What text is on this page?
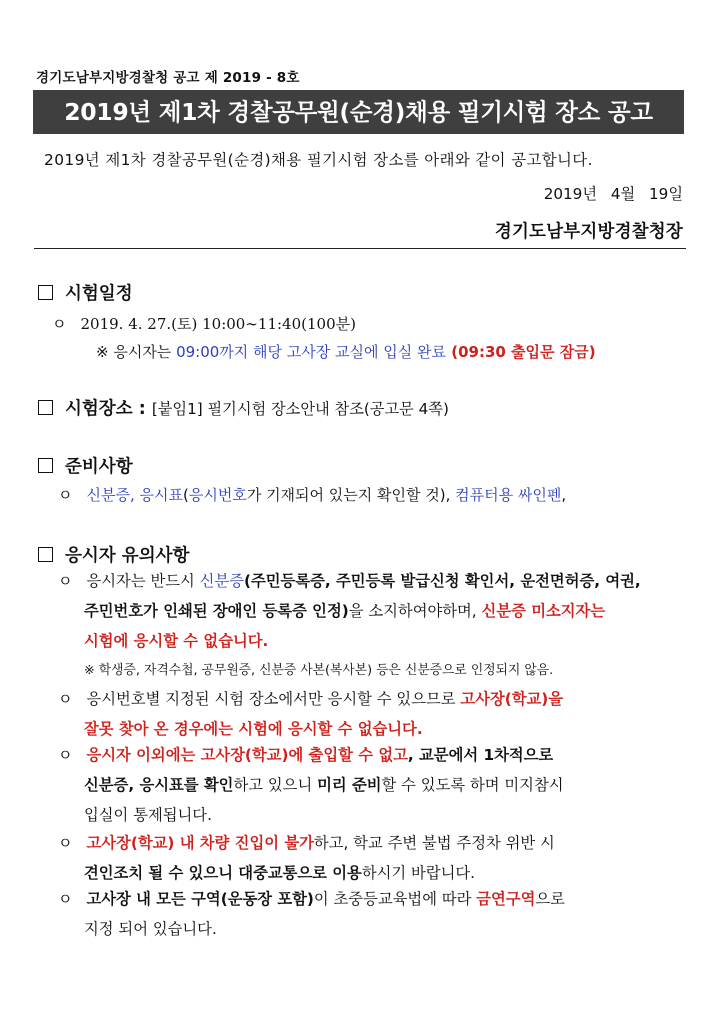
경기도남부지방경찰청 공고 제 2019 - 8호
2019년 제1차 경찰공무원(순경)채용 필기시험 장소 공고
2019년 제1차 경찰공무원(순경)채용 필기시험 장소를 아래와 같이 공고합니다.
2019년 4월 19일
경기도남부지방경찰청장
시험일정
ㅇ 2019. 4. 27.(토) 10:00∼11:40(100분)
※ 응시자는 09:00까지 해당 고사장 교실에 입실 완료 (09:30 출입문 잠금)
시험장소 : [붙임1] 필기시험 장소안내 참조(공고문 4쪽)
준비사항
ㅇ 신분증, 응시표(응시번호가 기재되어 있는지 확인할 것), 컴퓨터용 싸인펜,
응시자 유의사항
ㅇ 응시자는 반드시 신분증(주민등록증, 주민등록 발급신청 확인서, 운전면허증, 여권,
주민번호가 인쇄된 장애인 등록증 인정)을 소지하여야하며, 신분증 미소지자는
시험에 응시할 수 없습니다.
※ 학생증, 자격수첩, 공무원증, 신분증 사본(복사본) 등은 신분증으로 인정되지 않음.
ㅇ 응시번호별 지정된 시험 장소에서만 응시할 수 있으므로 고사장(학교)을
잘못 찾아 온 경우에는 시험에 응시할 수 없습니다.
ㅇ 응시자 이외에는 고사장(학교)에 출입할 수 없고, 교문에서 1차적으로
신분증, 응시표를 확인하고 있으니 미리 준비할 수 있도록 하며 미지참시
입실이 통제됩니다.
ㅇ 고사장(학교) 내 차량 진입이 불가하고, 학교 주변 불법 주정차 위반 시
견인조치 될 수 있으니 대중교통으로 이용하시기 바랍니다.
ㅇ 고사장 내 모든 구역(운동장 포함)이 초중등교육법에 따라 금연구역으로
지정 되어 있습니다.
